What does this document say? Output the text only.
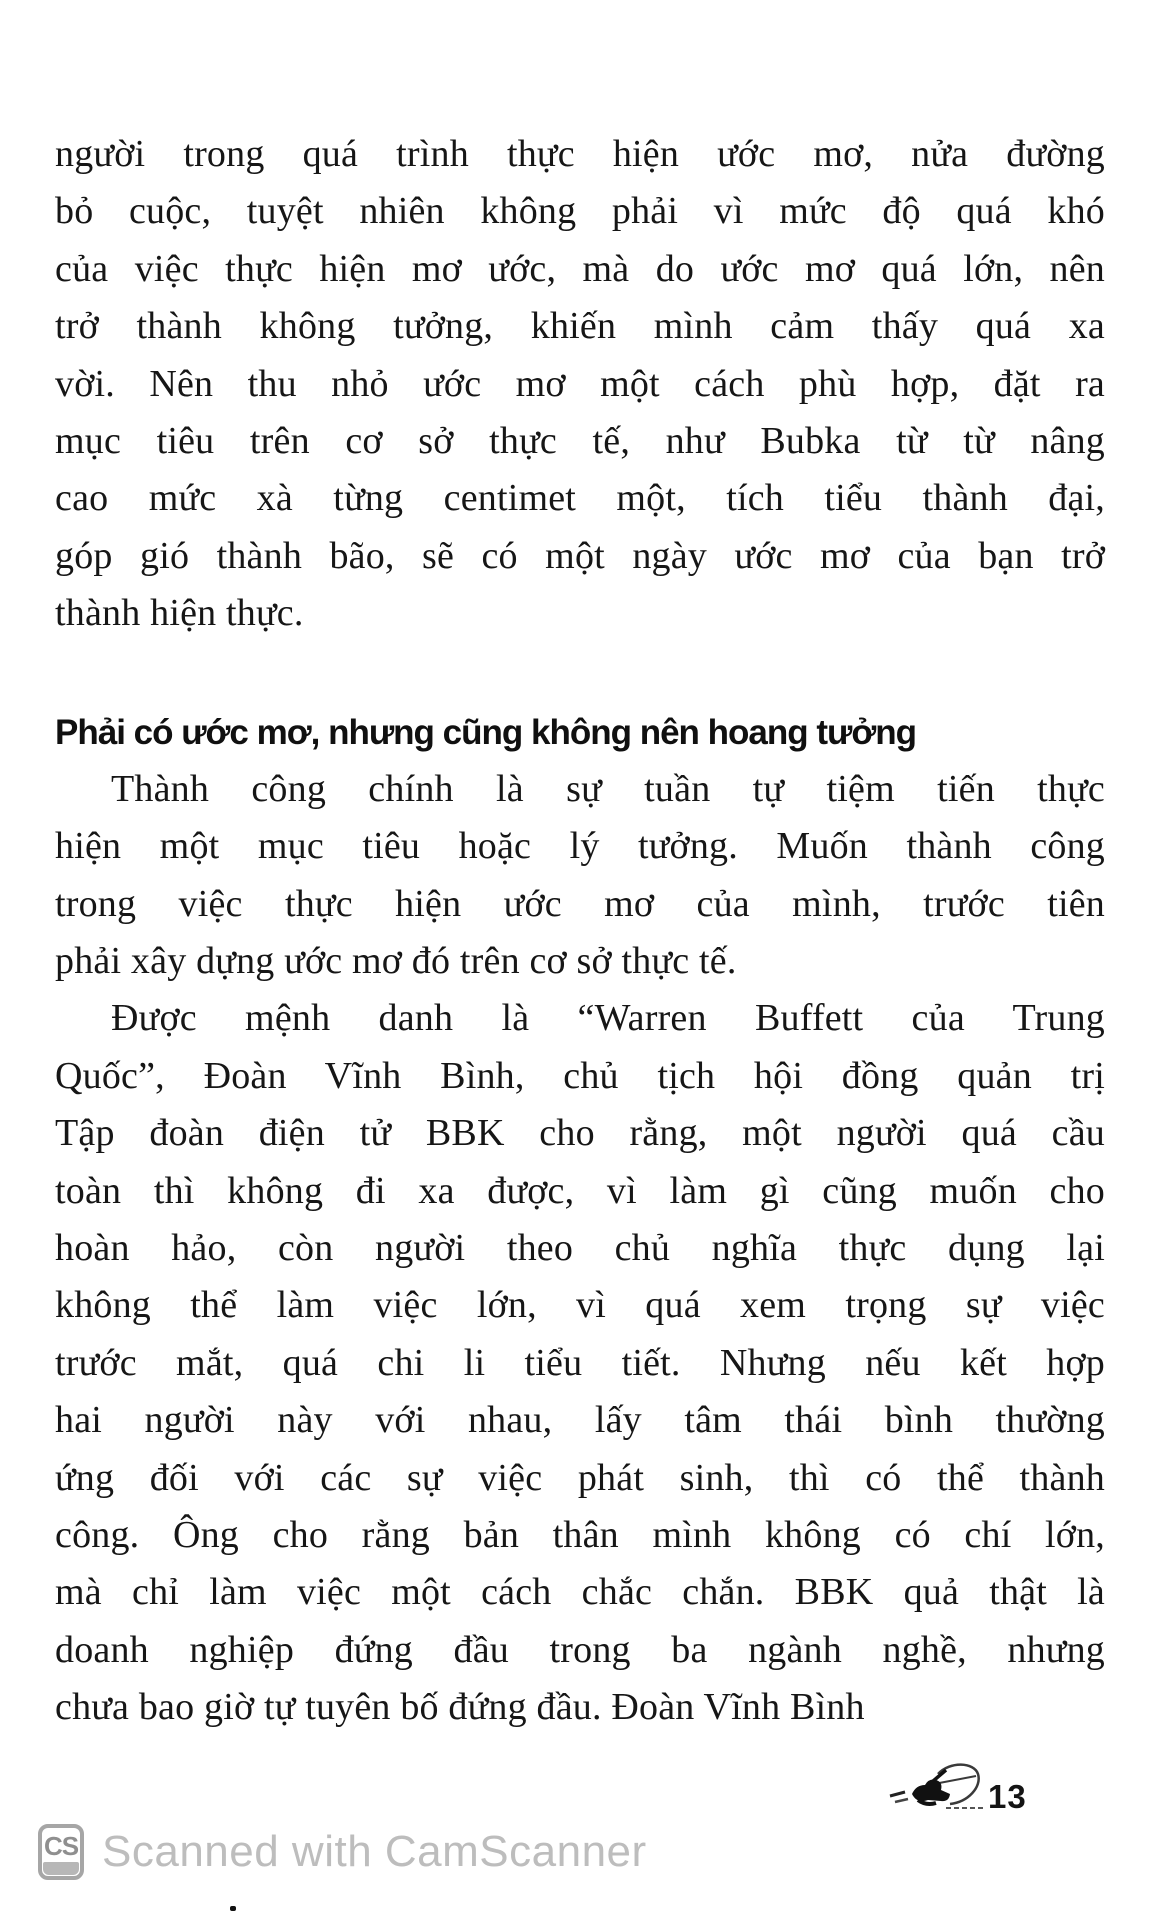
người trong quá trình thực hiện ước mơ, nửa đường
bỏ cuộc, tuyệt nhiên không phải vì mức độ quá khó
của việc thực hiện mơ ước, mà do ước mơ quá lớn, nên
trở thành không tưởng, khiến mình cảm thấy quá xa
vời. Nên thu nhỏ ước mơ một cách phù hợp, đặt ra
mục tiêu trên cơ sở thực tế, như Bubka từ từ nâng
cao mức xà từng centimet một, tích tiểu thành đại,
góp gió thành bão, sẽ có một ngày ước mơ của bạn trở
thành hiện thực.
Phải có ước mơ, nhưng cũng không nên hoang tưởng
Thành công chính là sự tuần tự tiệm tiến thực
hiện một mục tiêu hoặc lý tưởng. Muốn thành công
trong việc thực hiện ước mơ của mình, trước tiên
phải xây dựng ước mơ đó trên cơ sở thực tế.
Được mệnh danh là “Warren Buffett của Trung
Quốc”, Đoàn Vĩnh Bình, chủ tịch hội đồng quản trị
Tập đoàn điện tử BBK cho rằng, một người quá cầu
toàn thì không đi xa được, vì làm gì cũng muốn cho
hoàn hảo, còn người theo chủ nghĩa thực dụng lại
không thể làm việc lớn, vì quá xem trọng sự việc
trước mắt, quá chi li tiểu tiết. Nhưng nếu kết hợp
hai người này với nhau, lấy tâm thái bình thường
ứng đối với các sự việc phát sinh, thì có thể thành
công. Ông cho rằng bản thân mình không có chí lớn,
mà chỉ làm việc một cách chắc chắn. BBK quả thật là
doanh nghiệp đứng đầu trong ba ngành nghề, nhưng
chưa bao giờ tự tuyên bố đứng đầu. Đoàn Vĩnh Bình
13
CS Scanned with CamScanner
